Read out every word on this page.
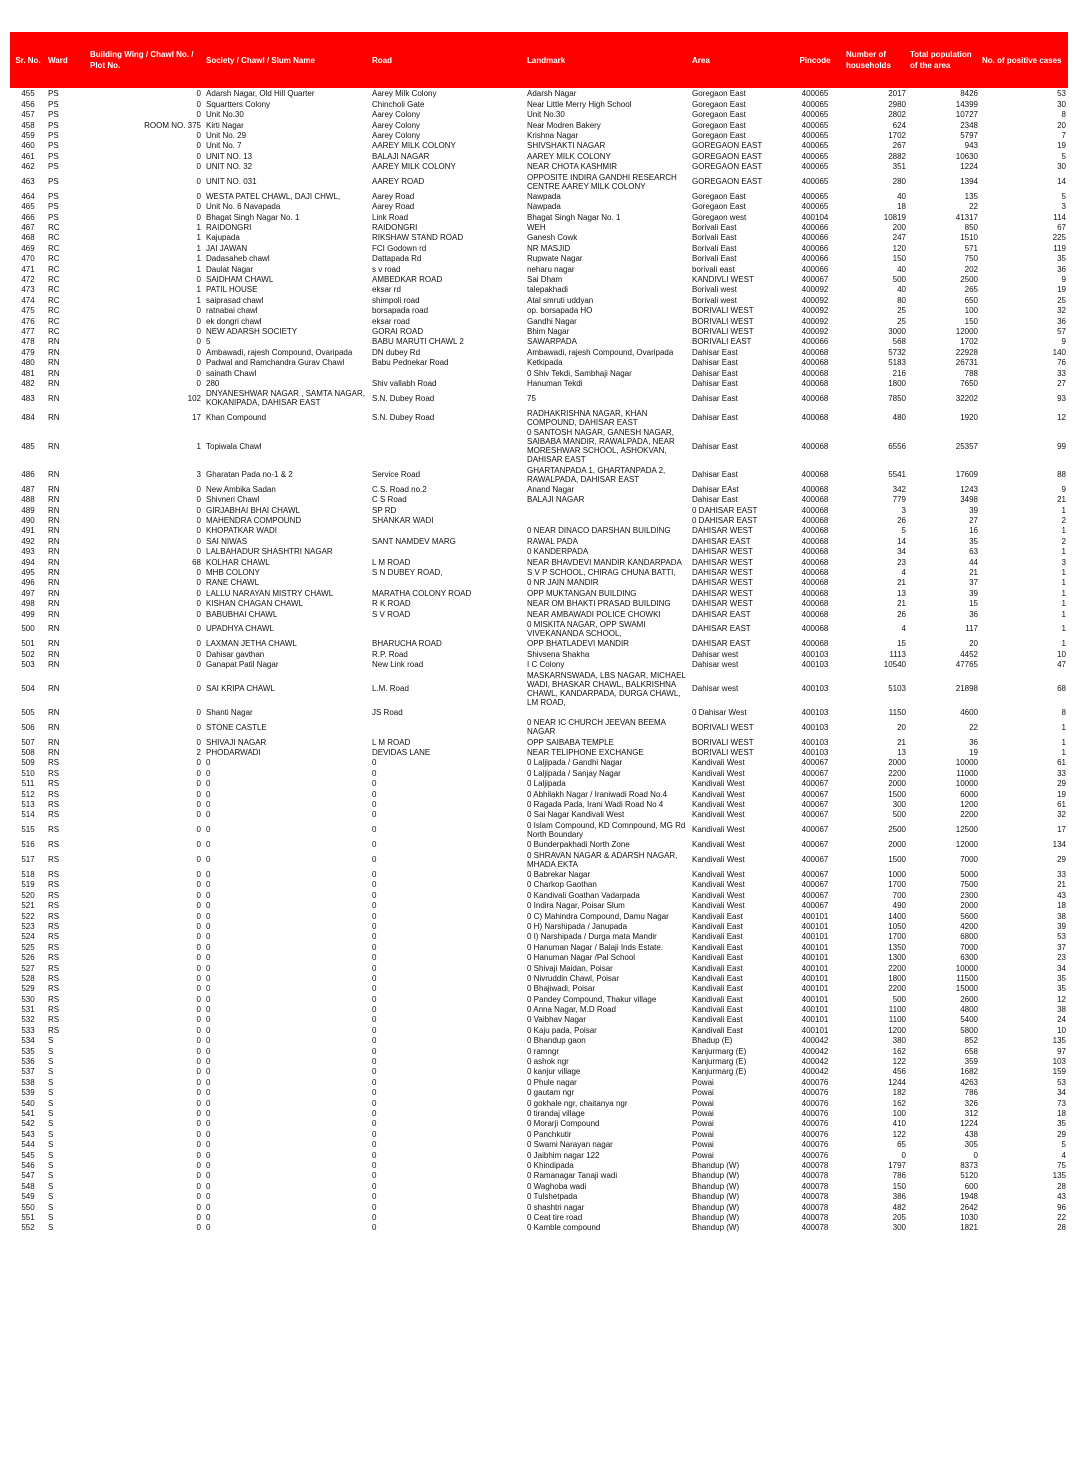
Sr. No.	Ward	Building Wing / Chawl No. / Plot No.	Society / Chawl / Slum Name	Road	Landmark	Area	Pincode	Number of households	Total population of the area	No. of positive cases
455	PS	0	Adarsh Nagar, Old Hill Quarter	Aarey Milk Colony	Adarsh Nagar	Goregaon East	400065	2017	8426	53
456	PS	0	Squartters Colony	Chincholi Gate	Near Little Merry High School	Goregaon East	400065	2980	14399	30
457	PS	0	Unit No.30	Aarey Colony	Unit No.30	Goregaon East	400065	2802	10727	8
458	PS	ROOM NO. 375	Kirti Nagar	Aarey Colony	Near Modren Bakery	Goregaon East	400065	624	2348	20
459	PS	0	Unit No. 29	Aarey Colony	Krishna Nagar	Goregaon East	400065	1702	5797	7
460	PS	0	Unit No. 7	AAREY MILK COLONY	SHIVSHAKTI NAGAR	GOREGAON EAST	400065	267	943	19
461	PS	0	UNIT NO. 13	BALAJI NAGAR	AAREY MILK COLONY	GOREGAON EAST	400065	2882	10630	5
462	PS	0	UNIT NO. 32	AAREY MILK COLONY	NEAR CHOTA KASHMIR	GOREGAON EAST	400065	351	1224	30
463	PS	0	UNIT NO. 031	AAREY ROAD	OPPOSITE INDIRA GANDHI RESEARCH CENTRE AAREY MILK COLONY	GOREGAON EAST	400065	280	1394	14
464	PS	0	WESTA PATEL CHAWL, DAJI CHWL,	Aarey Road	Nawpada	Goregaon East	400065	40	135	5
465	PS	0	Unit No. 6 Navapada	Aarey Road	Nawpada	Goregaon East	400065	18	22	3
466	PS	0	Bhagat Singh Nagar No. 1	Link Road	Bhagat Singh Nagar No. 1	Goregaon west	400104	10819	41317	114
467	RC	1	RAIDONGRI	RAIDONGRI	WEH	Borivali East	400066	200	850	67
468	RC	1	Kajupada	RIKSHAW STAND ROAD	Ganesh Cowk	Borivali East	400066	247	1510	225
469	RC	1	JAI JAWAN	FCI Godown rd	NR MASJID	Borivali East	400066	120	571	119
470	RC	1	Dadasaheb chawl	Dattapada Rd	Rupwate Nagar	Borivali East	400066	150	750	35
471	RC	1	Daulat Nagar	s v road	neharu nagar	borivali east	400066	40	202	36
472	RC	0	SAIDHAM CHAWL	AMBEDKAR ROAD	Sai Dham	KANDIVLI WEST	400067	500	2500	9
473	RC	1	PATIL HOUSE	eksar rd	talepakhadi	Borivali west	400092	40	265	19
474	RC	1	saiprasad chawl	shimpoli road	Atal smruti uddyan	Borivali west	400092	80	650	25
475	RC	0	ratnabai chawl	borsapada road	op. borsapada HO	BORIVALI WEST	400092	25	100	32
476	RC	0	ek dongri chawl	eksar road	Gandhi Nagar	BORIVALI WEST	400092	25	150	36
477	RC	0	NEW ADARSH SOCIETY	GORAI ROAD	Bhim Nagar	BORIVALI WEST	400092	3000	12000	57
478	RN	0	5	BABU MARUTI CHAWL 2	SAWARPADA	BORIVALI EAST	400066	568	1702	9
479	RN	0	Ambawadi, rajesh Compound, Ovaripada	DN dubey Rd	Ambawadi, rajesh Compound, Ovaripada	Dahisar East	400068	5732	22928	140
480	RN	0	Padwal and Ramchandra Gurav Chawl	Babu Pednekar Road	Ketkipada	Dahisar East	400068	5183	26731	76
481	RN	0	sainath Chawl		0 Shiv Tekdi, Sambhaji Nagar	Dahisar East	400068	216	788	33
482	RN	0	280	Shiv vallabh Road	Hanuman Tekdi	Dahisar East	400068	1800	7650	27
483	RN	102	DNYANESHWAR NAGAR , SAMTA NAGAR, KOKANIPADA, DAHISAR EAST	S.N. Dubey Road	75	Dahisar East	400068	7850	32202	93
484	RN	17	Khan Compound	S.N. Dubey Road	RADHAKRISHNA NAGAR, KHAN COMPOUND, DAHISAR EAST	Dahisar East	400068	480	1920	12
485	RN	1	Topiwala Chawl		0 SANTOSH NAGAR, GANESH NAGAR, SAIBABA MANDIR, RAWALPADA, NEAR MORESHWAR SCHOOL, ASHOKVAN, DAHISAR EAST	Dahisar East	400068	6556	25357	99
486	RN	3	Gharatan Pada no-1 & 2	Service Road	GHARTANPADA 1, GHARTANPADA 2, RAWALPADA, DAHISAR EAST	Dahisar East	400068	5541	17609	88
487	RN	0	New Ambika Sadan	C.S. Road no.2	Anand Nagar	Dahisar EAst	400068	342	1243	9
488	RN	0	Shivneri Chawl	C S Road	BALAJI NAGAR	Dahisar East	400068	779	3498	21
489	RN	0	GIRJABHAI BHAI CHAWL	SP RD		0 DAHISAR EAST	400068	3	39	1
490	RN	0	MAHENDRA COMPOUND	SHANKAR WADI		0 DAHISAR EAST	400068	26	27	2
491	RN	0	KHOPATKAR WADI		0 NEAR DINACO DARSHAN BUILDING	DAHISAR WEST	400068	5	16	1
492	RN	0	SAI NIWAS	SANT NAMDEV MARG	RAWAL PADA	DAHISAR EAST	400068	14	35	2
493	RN	0	LALBAHADUR SHASHTRI NAGAR		0 KANDERPADA	DAHISAR WEST	400068	34	63	1
494	RN	68	KOLHAR CHAWL	L M ROAD	NEAR BHAVDEVI MANDIR KANDARPADA	DAHISAR WEST	400068	23	44	3
495	RN	0	MHB COLONY	S N DUBEY ROAD,	S V P SCHOOL, CHIRAG CHUNA BATTI,	DAHISAR WEST	400068	4	21	1
496	RN	0	RANE CHAWL		0 NR JAIN MANDIR	DAHISAR WEST	400068	21	37	1
497	RN	0	LALLU NARAYAN MISTRY CHAWL	MARATHA COLONY ROAD	OPP MUKTANGAN BUILDING	DAHISAR WEST	400068	13	39	1
498	RN	0	KISHAN CHAGAN CHAWL	R K ROAD	NEAR OM BHAKTI PRASAD BUILDING	DAHISAR WEST	400068	21	15	1
499	RN	0	BABUBHAI CHAWL	S V ROAD	NEAR AMBAWADI POLICE CHOWKI	DAHISAR EAST	400068	26	36	1
500	RN	0	UPADHYA CHAWL		0 MISKITA NAGAR, OPP SWAMI VIVEKANANDA SCHOOL,	DAHISAR EAST	400068	4	117	1
501	RN	0	LAXMAN JETHA CHAWL	BHARUCHA ROAD	OPP BHATLADEVI MANDIR	DAHISAR EAST	400068	15	20	1
502	RN	0	Dahisar gavthan	R.P. Road	Shivsena Shakha	Dahisar west	400103	1113	4452	10
503	RN	0	Ganapat Patil Nagar	New Link road	I C Colony	Dahisar west	400103	10540	47765	47
504	RN	0	SAI KRIPA CHAWL	L.M. Road	MASKARNSWADA, LBS NAGAR, MICHAEL WADI, BHASKAR CHAWL, BALKRISHNA CHAWL, KANDARPADA, DURGA CHAWL, LM ROAD,	Dahisar west	400103	5103	21898	68
505	RN	0	Shanti Nagar	JS Road		0 Dahisar West	400103	1150	4600	8
506	RN	0	STONE CASTLE		0 NEAR IC CHURCH JEEVAN BEEMA NAGAR	BORIVALI WEST	400103	20	22	1
507	RN	0	SHIVAJI NAGAR	L M ROAD	OPP SAIBABA TEMPLE	BORIVALI WEST	400103	21	36	1
508	RN	2	PHODARWADI	DEVIDAS LANE	NEAR TELIPHONE EXCHANGE	BORIVALI WEST	400103	13	19	1
509	RS	0	0	0	0 Laljipada / Gandhi Nagar	Kandivali West	400067	2000	10000	61
510	RS	0	0	0	0 Laljipada / Sanjay Nagar	Kandivali West	400067	2200	11000	33
511	RS	0	0	0	0 Laljipada	Kandivali West	400067	2000	10000	29
512	RS	0	0	0	0 Abhilakh Nagar / Iraniwadi Road No.4	Kandivali West	400067	1500	6000	19
513	RS	0	0	0	0 Ragada Pada, Irani Wadi Road No 4	Kandivali West	400067	300	1200	61
514	RS	0	0	0	0 Sai Nagar Kandivali West	Kandivali West	400067	500	2200	32
515	RS	0	0	0	0 Islam Compound, KD Comnpound, MG Rd North Boundary	Kandivali West	400067	2500	12500	17
516	RS	0	0	0	0 Bunderpakhadi North Zone	Kandivali West	400067	2000	12000	134
517	RS	0	0	0	0 SHRAVAN NAGAR & ADARSH NAGAR, MHADA EKTA	Kandivali West	400067	1500	7000	29
518	RS	0	0	0	0 Babrekar Nagar	Kandivali West	400067	1000	5000	33
519	RS	0	0	0	0 Charkop Gaothan	Kandivali West	400067	1700	7500	21
520	RS	0	0	0	0 Kandivali Goathan Vadarpada	Kandivali West	400067	700	2300	43
521	RS	0	0	0	0 Indira Nagar, Poisar Slum	Kandivali West	400067	490	2000	18
522	RS	0	0	0	0 C) Mahindra Compound, Damu Nagar	Kandivali East	400101	1400	5600	38
523	RS	0	0	0	0 H) Narshipada / Janupada	Kandivali East	400101	1050	4200	39
524	RS	0	0	0	0 I) Narshipada / Durga mata Mandir	Kandivali East	400101	1700	6800	53
525	RS	0	0	0	0 Hanuman Nagar / Balaji Inds Estate.	Kandivali East	400101	1350	7000	37
526	RS	0	0	0	0 Hanuman Nagar /Pal School	Kandivali East	400101	1300	6300	23
527	RS	0	0	0	0 Shivaji Maidan, Poisar	Kandivali East	400101	2200	10000	34
528	RS	0	0	0	0 Nivruddin Chawl, Poisar	Kandivali East	400101	1800	11500	35
529	RS	0	0	0	0 Bhajiwadi, Poisar	Kandivali East	400101	2200	15000	35
530	RS	0	0	0	0 Pandey Compound, Thakur village	Kandivali East	400101	500	2600	12
531	RS	0	0	0	0 Anna Nagar, M.D Road	Kandivali East	400101	1100	4800	38
532	RS	0	0	0	0 Vaibhav Nagar	Kandivali East	400101	1100	5400	24
533	RS	0	0	0	0 Kaju pada, Poisar	Kandivali East	400101	1200	5800	10
534	S	0	0	0	0 Bhandup gaon	Bhadup (E)	400042	380	852	135
535	S	0	0	0	0 ramngr	Kanjurmarg (E)	400042	162	658	97
536	S	0	0	0	0 ashok ngr	Kanjurmarg (E)	400042	122	359	103
537	S	0	0	0	0 kanjur village	Kanjurmarg (E)	400042	456	1682	159
538	S	0	0	0	0 Phule nagar	Powai	400076	1244	4263	53
539	S	0	0	0	0 gautam ngr	Powai	400076	182	786	34
540	S	0	0	0	0 gokhale ngr, chaitanya ngr	Powai	400076	162	326	73
541	S	0	0	0	0 tirandaj village	Powai	400076	100	312	18
542	S	0	0	0	0 Morarji Compound	Powai	400076	410	1224	35
543	S	0	0	0	0 Panchkutir	Powai	400076	122	438	29
544	S	0	0	0	0 Swami Narayan nagar	Powai	400076	65	305	5
545	S	0	0	0	0 Jaibhim nagar 122	Powai	400076	0	0	4
546	S	0	0	0	0 Khindipada	Bhandup (W)	400078	1797	8373	75
547	S	0	0	0	0 Ramanagar Tanaji wadi	Bhandup (W)	400078	786	5120	135
548	S	0	0	0	0 Waghoba wadi	Bhandup (W)	400078	150	600	28
549	S	0	0	0	0 Tulshetpada	Bhandup (W)	400078	386	1948	43
550	S	0	0	0	0 shashtri nagar	Bhandup (W)	400078	482	2642	96
551	S	0	0	0	0 Ceat tire road	Bhandup (W)	400078	205	1030	22
552	S	0	0	0	0 Kamble compound	Bhandup (W)	400078	300	1821	28
